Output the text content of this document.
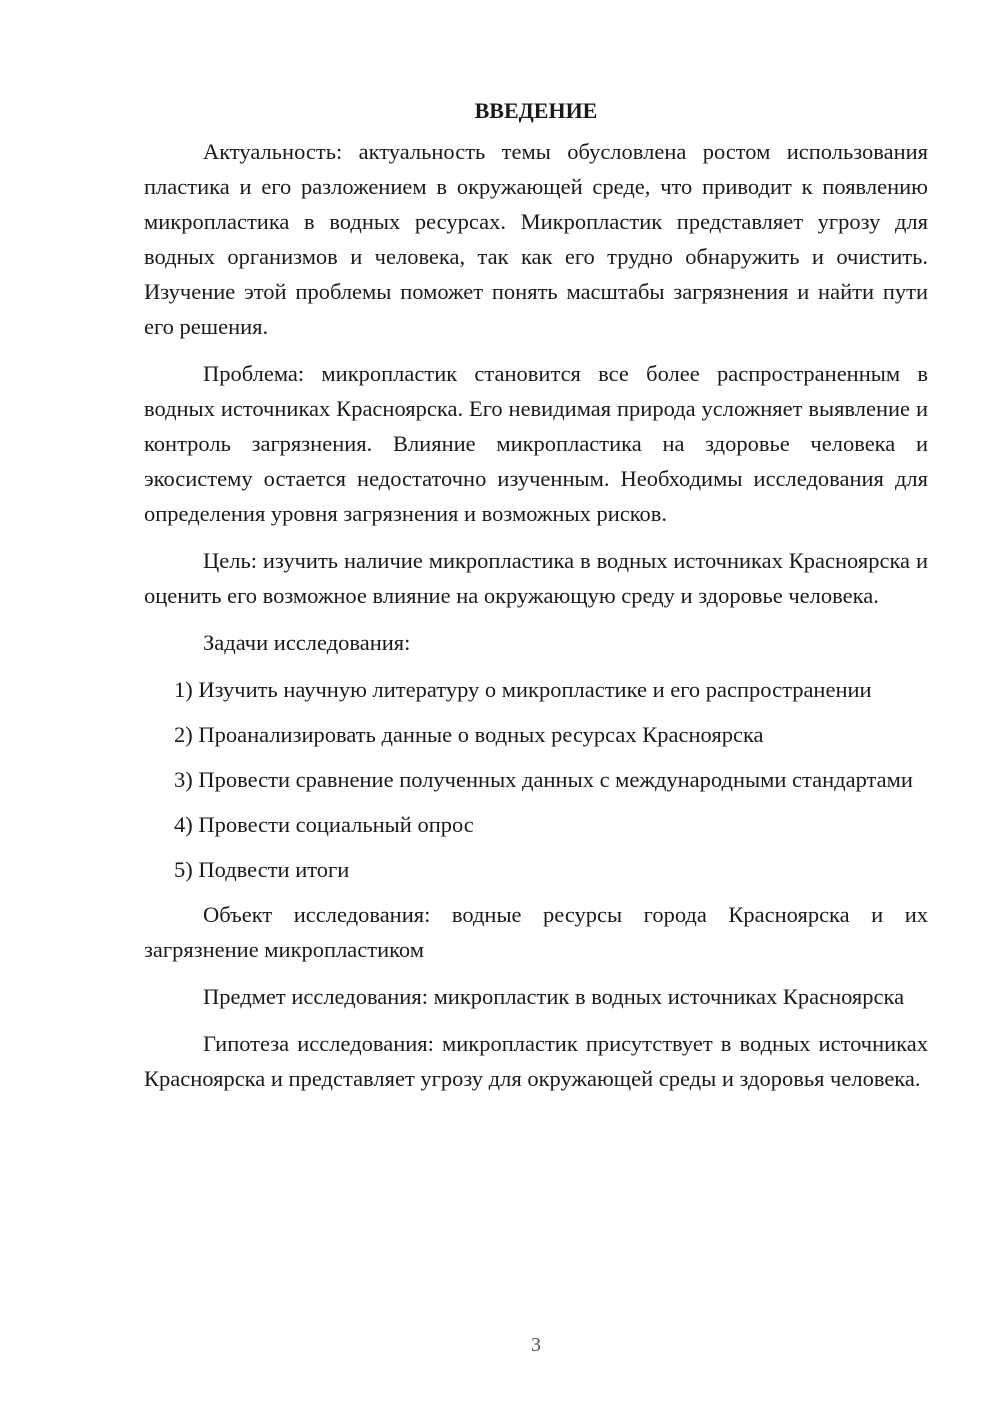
ВВЕДЕНИЕ

Актуальность: актуальность темы обусловлена ростом использования пластика и его разложением в окружающей среде, что приводит к появлению микропластика в водных ресурсах. Микропластик представляет угрозу для водных организмов и человека, так как его трудно обнаружить и очистить. Изучение этой проблемы поможет понять масштабы загрязнения и найти пути его решения.

Проблема: микропластик становится все более распространенным в водных источниках Красноярска. Его невидимая природа усложняет выявление и контроль загрязнения. Влияние микропластика на здоровье человека и экосистему остается недостаточно изученным. Необходимы исследования для определения уровня загрязнения и возможных рисков.

Цель: изучить наличие микропластика в водных источниках Красноярска и оценить его возможное влияние на окружающую среду и здоровье человека.

Задачи исследования:

1) Изучить научную литературу о микропластике и его распространении

2) Проанализировать данные о водных ресурсах Красноярска

3) Провести сравнение полученных данных с международными стандартами

4) Провести социальный опрос

5) Подвести итоги

Объект исследования: водные ресурсы города Красноярска и их загрязнение микропластиком

Предмет исследования: микропластик в водных источниках Красноярска

Гипотеза исследования: микропластик присутствует в водных источниках Красноярска и представляет угрозу для окружающей среды и здоровья человека.

3
